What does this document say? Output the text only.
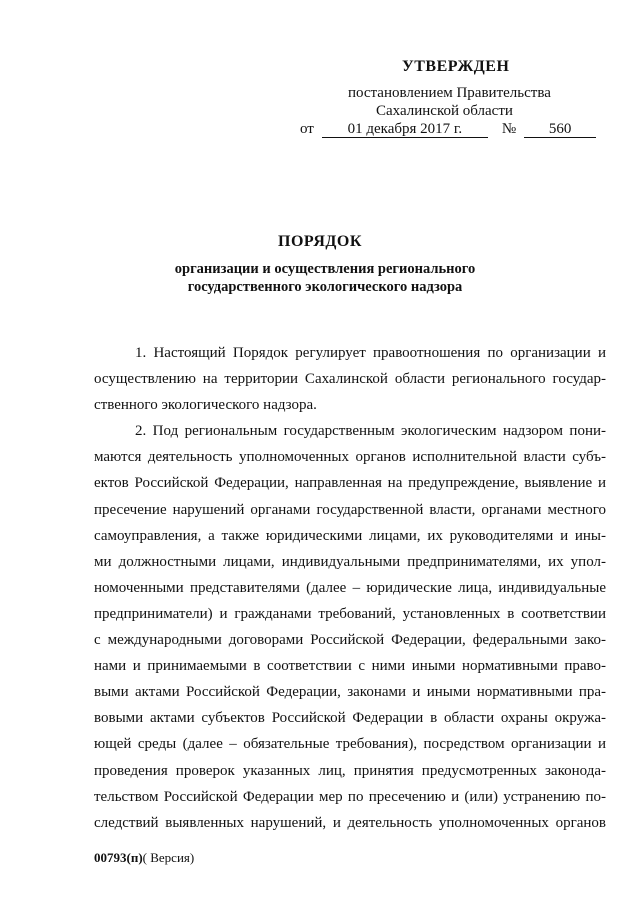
УТВЕРЖДЕН

постановлением Правительства
Сахалинской области
от 01 декабря 2017 г.	№ 560
ПОРЯДОК
организации и осуществления регионального
государственного экологического надзора
1. Настоящий Порядок регулирует правоотношения по организации и
осуществлению на территории Сахалинской области регионального государ-
ственного экологического надзора.
2. Под региональным государственным экологическим надзором пони-
маются деятельность уполномоченных органов исполнительной власти субъ-
ектов Российской Федерации, направленная на предупреждение, выявление и
пресечение нарушений органами государственной власти, органами местного
самоуправления, а также юридическими лицами, их руководителями и ины-
ми должностными лицами, индивидуальными предпринимателями, их упол-
номоченными представителями (далее – юридические лица, индивидуальные
предприниматели) и гражданами требований, установленных в соответствии
с международными договорами Российской Федерации, федеральными зако-
нами и принимаемыми в соответствии с ними иными нормативными право-
выми актами Российской Федерации, законами и иными нормативными пра-
вовыми актами субъектов Российской Федерации в области охраны окружа-
ющей среды (далее – обязательные требования), посредством организации и
проведения проверок указанных лиц, принятия предусмотренных законода-
тельством Российской Федерации мер по пресечению и (или) устранению по-
следствий выявленных нарушений, и деятельность уполномоченных органов
00793(п)( Версия)
